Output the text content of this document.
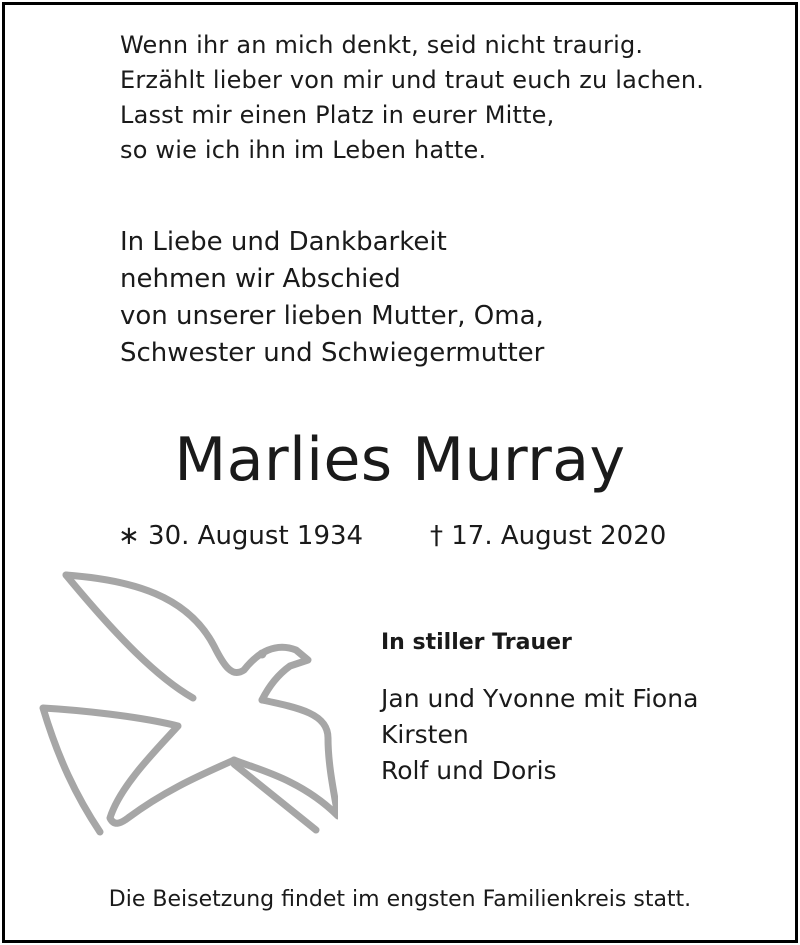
Wenn ihr an mich denkt, seid nicht traurig.
Erzählt lieber von mir und traut euch zu lachen.
Lasst mir einen Platz in eurer Mitte,
so wie ich ihn im Leben hatte.
In Liebe und Dankbarkeit
nehmen wir Abschied
von unserer lieben Mutter, Oma,
Schwester und Schwiegermutter
Marlies Murray
∗ 30. August 1934	† 17. August 2020
In stiller Trauer
Jan und Yvonne mit Fiona
Kirsten
Rolf und Doris
Die Beisetzung findet im engsten Familienkreis statt.
